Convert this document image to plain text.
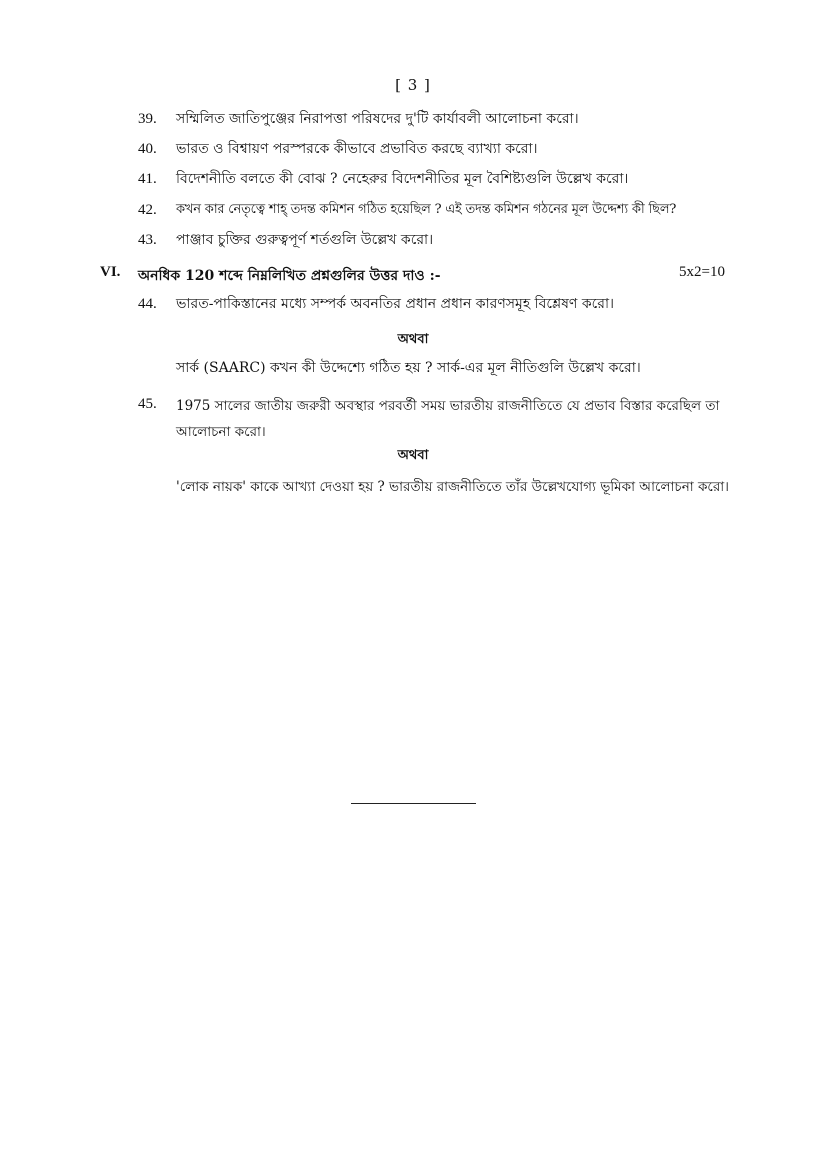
[ 3 ]
39.	সম্মিলিত জাতিপুঞ্জের নিরাপত্তা পরিষদের দু'টি কার্যাবলী আলোচনা করো।
40.	ভারত ও বিশ্বায়ণ পরস্পরকে কীভাবে প্রভাবিত করছে ব্যাখ্যা করো।
41.	বিদেশনীতি বলতে কী বোঝ ? নেহেরুর বিদেশনীতির মূল বৈশিষ্ট্যগুলি উল্লেখ করো।
42.	কখন কার নেতৃত্বে শাহ্ তদন্ত কমিশন গঠিত হয়েছিল ? এই তদন্ত কমিশন গঠনের মূল উদ্দেশ্য কী ছিল?
43.	পাঞ্জাব চুক্তির গুরুত্বপূর্ণ শর্তগুলি উল্লেখ করো।
VI. অনধিক 120 শব্দে নিম্নলিখিত প্রশ্নগুলির উত্তর দাও :-	5x2=10
44.	ভারত-পাকিস্তানের মধ্যে সম্পর্ক অবনতির প্রধান প্রধান কারণসমূহ বিশ্লেষণ করো।
অথবা
সার্ক (SAARC) কখন কী উদ্দেশ্যে গঠিত হয় ? সার্ক-এর মূল নীতিগুলি উল্লেখ করো।
45.	1975 সালের জাতীয় জরুরী অবস্থার পরবর্তী সময় ভারতীয় রাজনীতিতে যে প্রভাব বিস্তার করেছিল তা আলোচনা করো।
অথবা
'লোক নায়ক' কাকে আখ্যা দেওয়া হয় ? ভারতীয় রাজনীতিতে তাঁর উল্লেখযোগ্য ভূমিকা আলোচনা করো।
